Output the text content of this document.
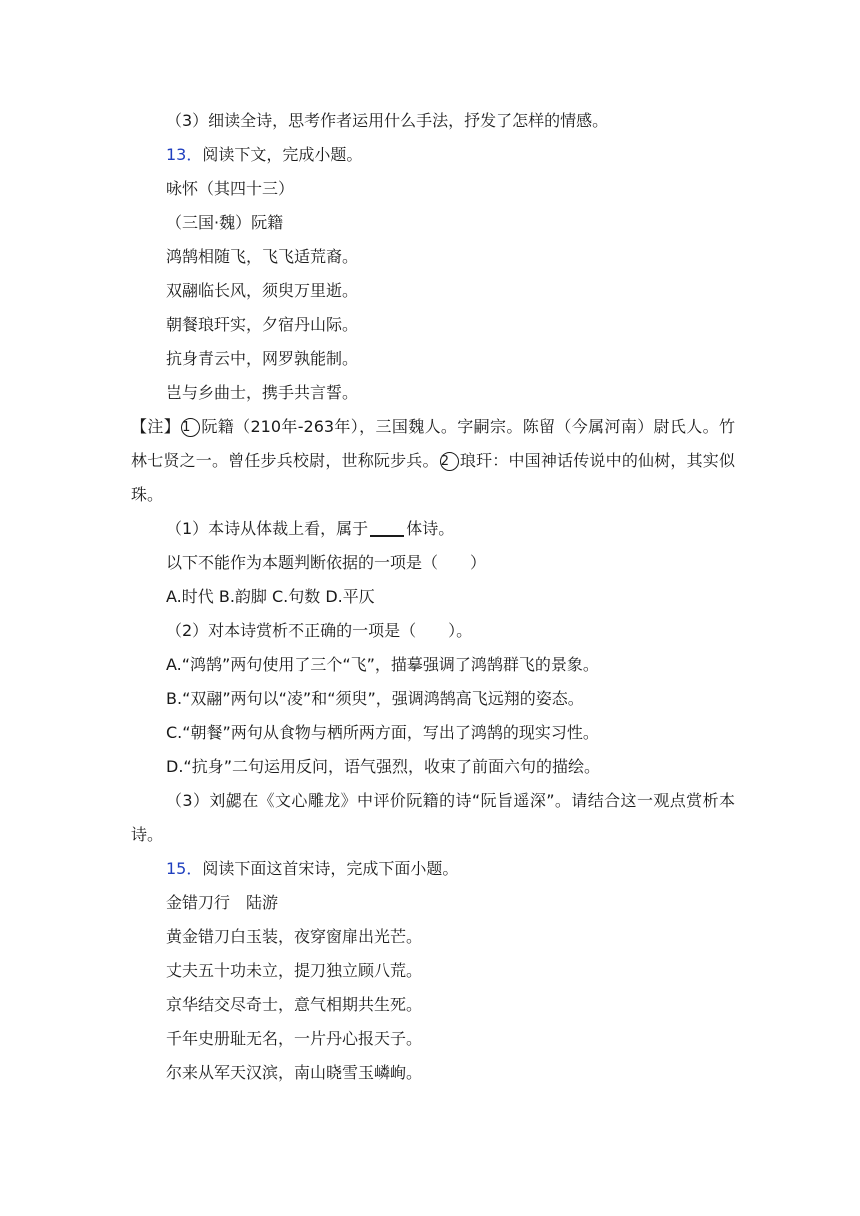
（3）细读全诗，思考作者运用什么手法，抒发了怎样的情感。
13．阅读下文，完成小题。
咏怀（其四十三）
（三国·魏）阮籍
鸿鹄相随飞，飞飞适荒裔。
双翮临长风，须臾万里逝。
朝餐琅玕实，夕宿丹山际。
抗身青云中，网罗孰能制。
岂与乡曲士，携手共言誓。
【注】 1 阮籍（210年-263年），三国魏人。字嗣宗。陈留（今属河南）尉氏人。竹林七贤之一。曾任步兵校尉，世称阮步兵。 2 琅玕：中国神话传说中的仙树，其实似珠。
（1）本诗从体裁上看，属于 体诗。
以下不能作为本题判断依据的一项是（　　）
A.时代 B.韵脚 C.句数 D.平仄
（2）对本诗赏析不正确的一项是（　　）。
A.“鸿鹄”两句使用了三个“飞”，描摹强调了鸿鹄群飞的景象。
B.“双翮”两句以“凌”和“须臾”，强调鸿鹄高飞远翔的姿态。
C.“朝餐”两句从食物与栖所两方面，写出了鸿鹄的现实习性。
D.“抗身”二句运用反问，语气强烈，收束了前面六句的描绘。
（3）刘勰在《文心雕龙》中评价阮籍的诗“阮旨遥深”。请结合这一观点赏析本诗。
15．阅读下面这首宋诗，完成下面小题。
金错刀行　陆游
黄金错刀白玉装，夜穿窗扉出光芒。
丈夫五十功未立，提刀独立顾八荒。
京华结交尽奇士，意气相期共生死。
千年史册耻无名，一片丹心报天子。
尔来从军天汉滨，南山晓雪玉嶙峋。
